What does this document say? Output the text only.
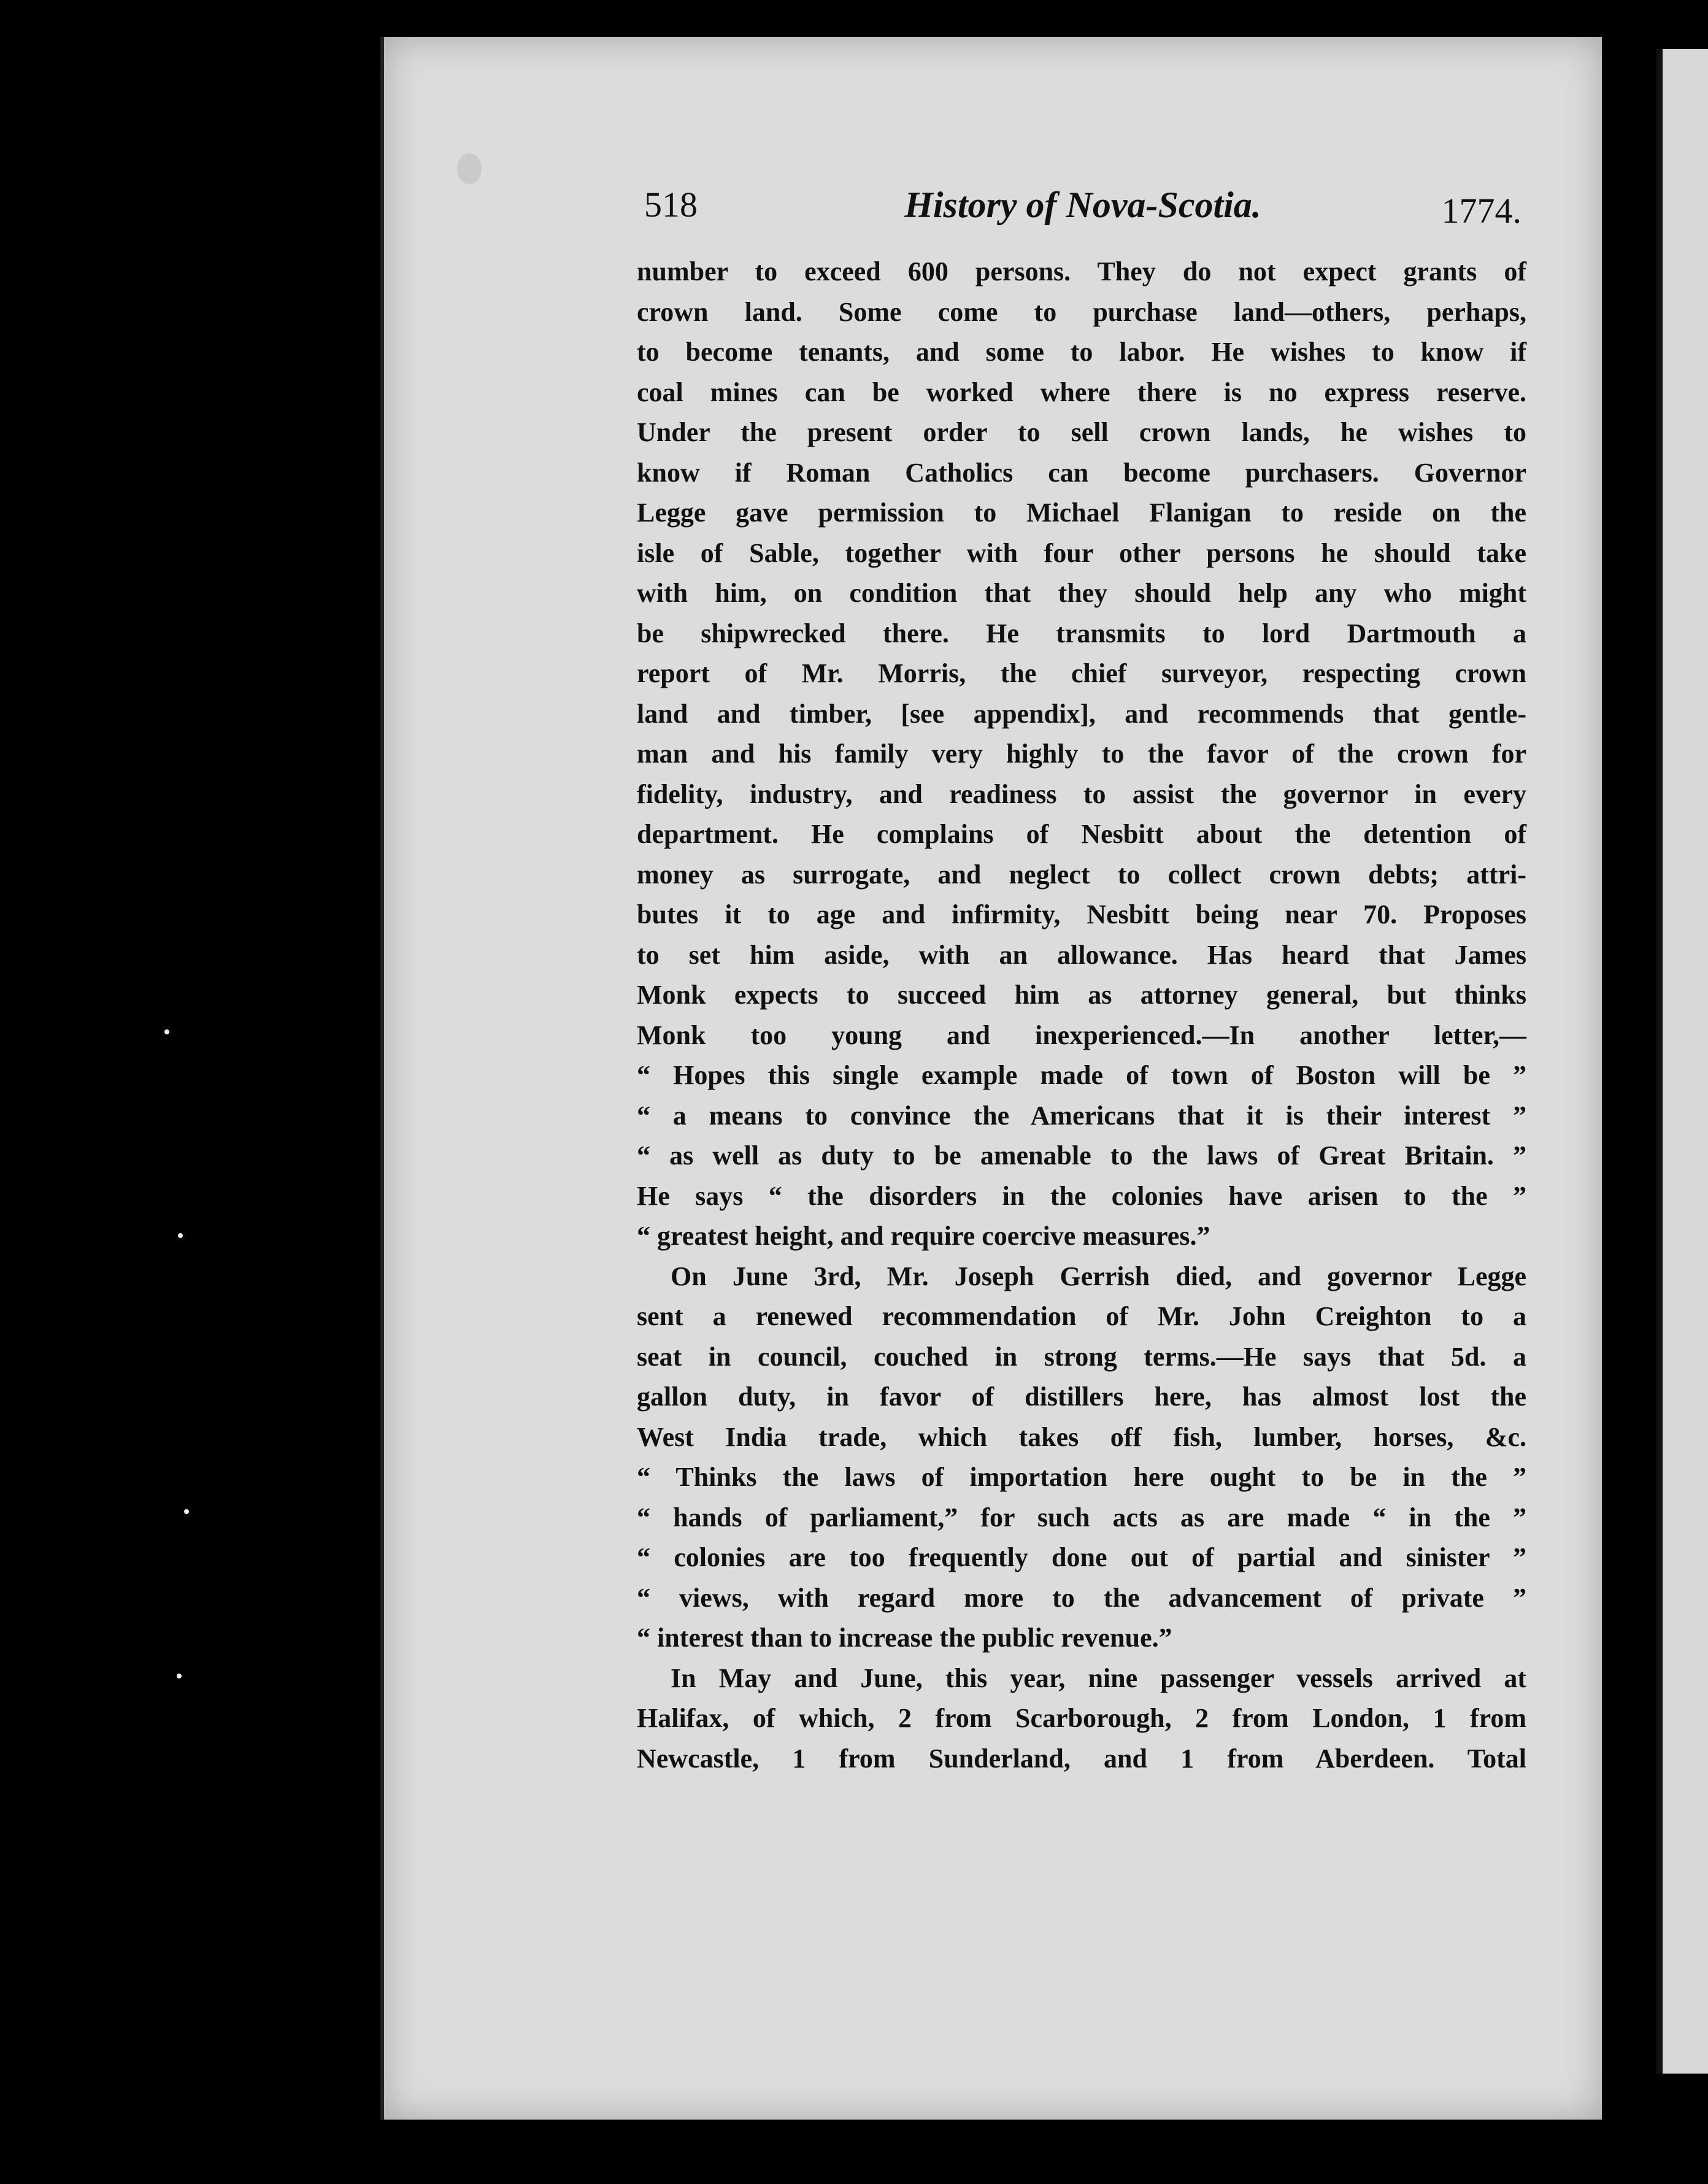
518	History of Nova-Scotia.	1774.
number to exceed 600 persons. They do not expect grants of
crown land. Some come to purchase land—others, perhaps,
to become tenants, and some to labor. He wishes to know if
coal mines can be worked where there is no express reserve.
Under the present order to sell crown lands, he wishes to
know if Roman Catholics can become purchasers. Governor
Legge gave permission to Michael Flanigan to reside on the
isle of Sable, together with four other persons he should take
with him, on condition that they should help any who might
be shipwrecked there. He transmits to lord Dartmouth a
report of Mr. Morris, the chief surveyor, respecting crown
land and timber, [see appendix], and recommends that gentle-
man and his family very highly to the favor of the crown for
fidelity, industry, and readiness to assist the governor in every
department. He complains of Nesbitt about the detention of
money as surrogate, and neglect to collect crown debts; attri-
butes it to age and infirmity, Nesbitt being near 70. Proposes
to set him aside, with an allowance. Has heard that James
Monk expects to succeed him as attorney general, but thinks
Monk too young and inexperienced.—In another letter,—
“ Hopes this single example made of town of Boston will be ”
“ a means to convince the Americans that it is their interest ”
“ as well as duty to be amenable to the laws of Great Britain. ”
He says “ the disorders in the colonies have arisen to the ”
“ greatest height, and require coercive measures.”
On June 3rd, Mr. Joseph Gerrish died, and governor Legge
sent a renewed recommendation of Mr. John Creighton to a
seat in council, couched in strong terms.—He says that 5d. a
gallon duty, in favor of distillers here, has almost lost the
West India trade, which takes off fish, lumber, horses, &c.
“ Thinks the laws of importation here ought to be in the ”
“ hands of parliament,” for such acts as are made “ in the ”
“ colonies are too frequently done out of partial and sinister ”
“ views, with regard more to the advancement of private ”
“ interest than to increase the public revenue.”
In May and June, this year, nine passenger vessels arrived at
Halifax, of which, 2 from Scarborough, 2 from London, 1 from
Newcastle, 1 from Sunderland, and 1 from Aberdeen. Total
